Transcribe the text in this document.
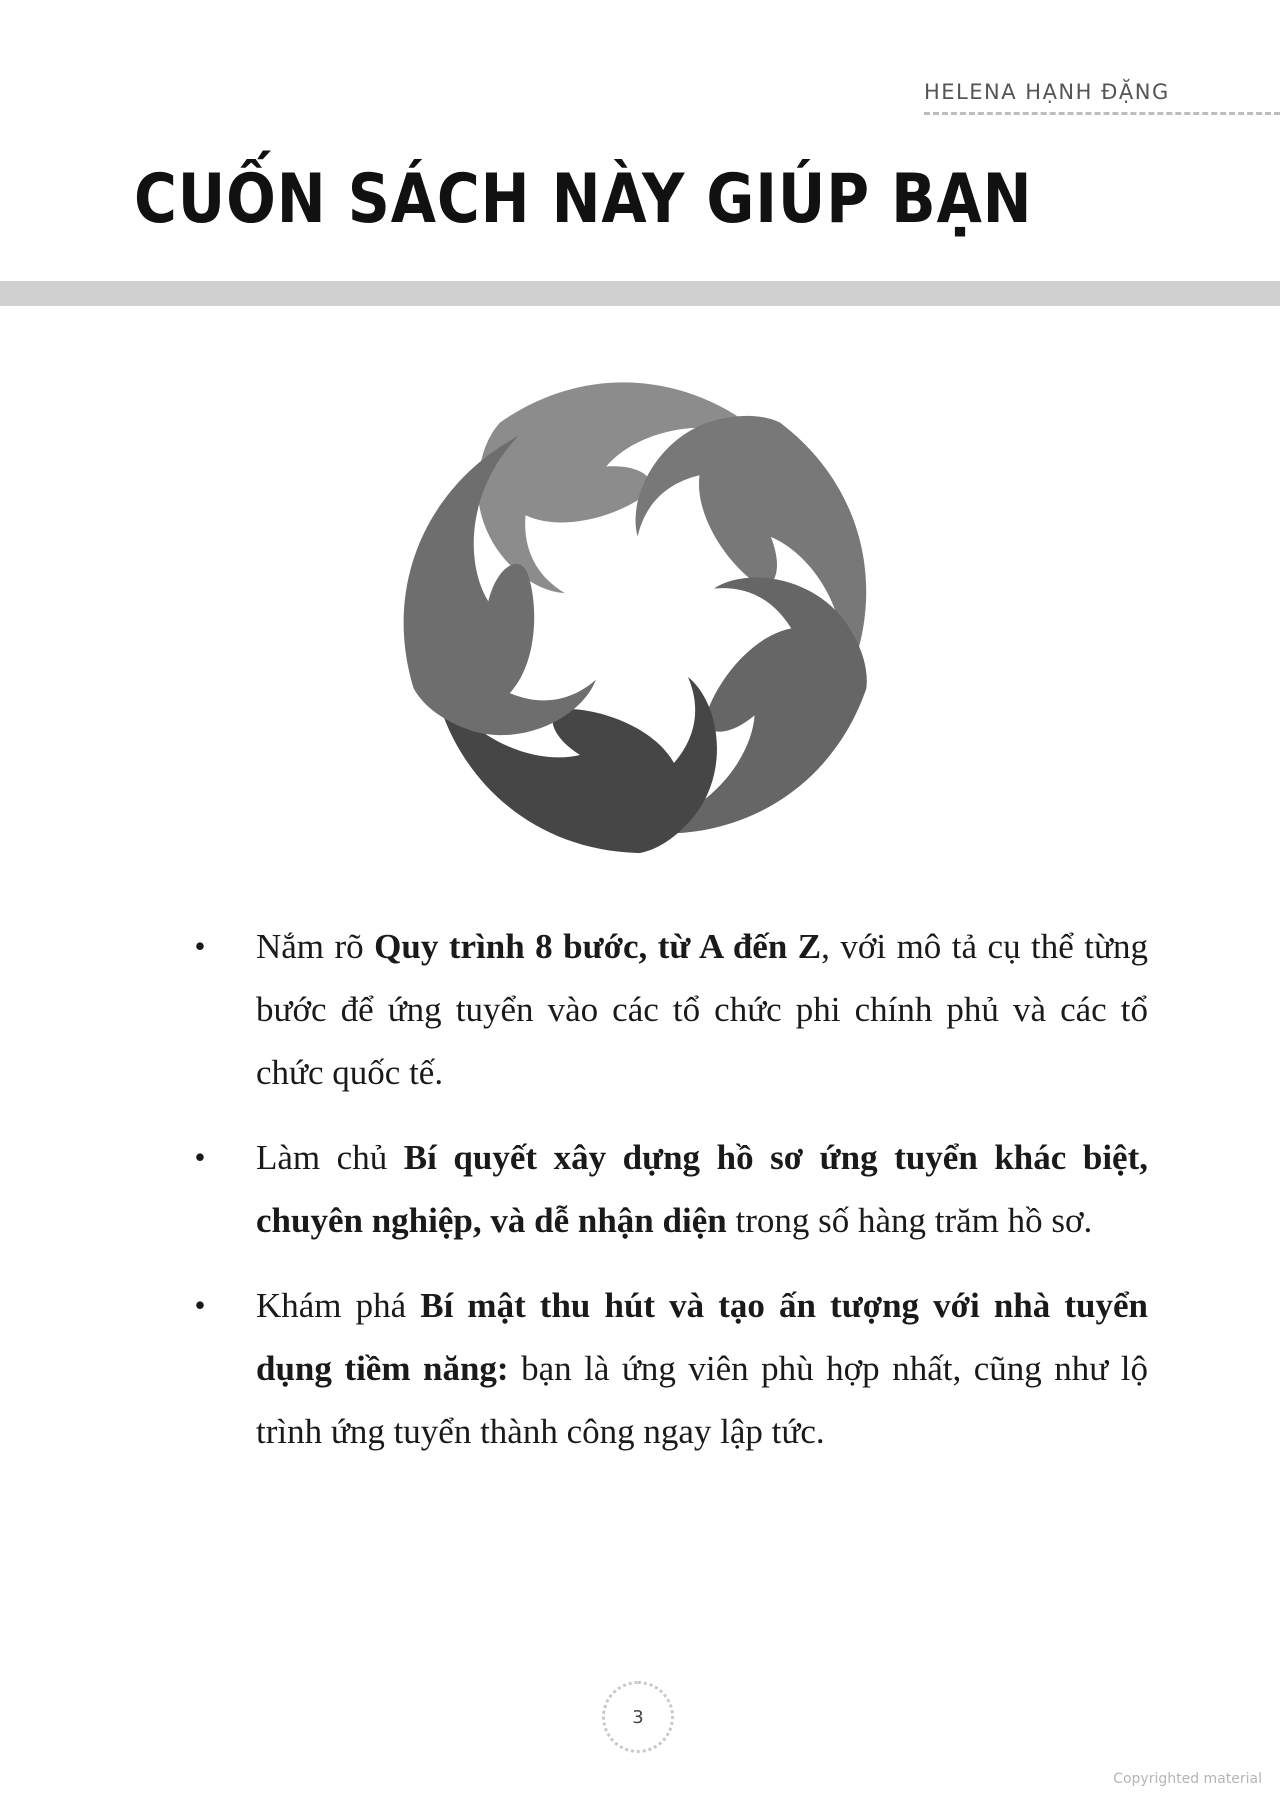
HELENA HẠNH ĐẶNG
CUỐN SÁCH NÀY GIÚP BẠN
• Nắm rõ Quy trình 8 bước, từ A đến Z, với mô tả cụ thể từng bước để ứng tuyển vào các tổ chức phi chính phủ và các tổ chức quốc tế.
• Làm chủ Bí quyết xây dựng hồ sơ ứng tuyển khác biệt, chuyên nghiệp, và dễ nhận diện trong số hàng trăm hồ sơ.
• Khám phá Bí mật thu hút và tạo ấn tượng với nhà tuyển dụng tiềm năng: bạn là ứng viên phù hợp nhất, cũng như lộ trình ứng tuyển thành công ngay lập tức.
3
Copyrighted material
